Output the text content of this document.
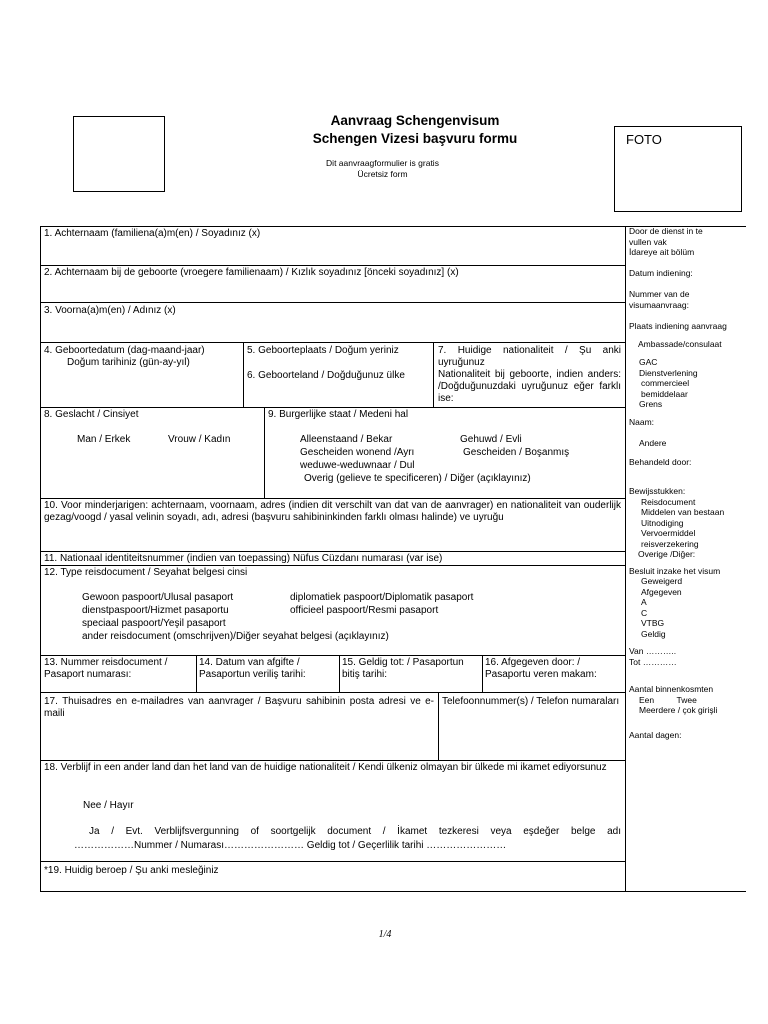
Aanvraag Schengenvisum
Schengen Vizesi başvuru formu
Dit aanvraagformulier is gratis
Ücretsiz form
FOTO
1. Achternaam (familiena(a)m(en) / Soyadınız (x)
2. Achternaam bij de geboorte (vroegere familienaam) / Kızlık soyadınız [önceki soyadınız] (x)
3. Voorna(a)m(en) / Adınız (x)
4. Geboortedatum (dag-maand-jaar)
Doğum tarihiniz (gün-ay-yıl)
5. Geboorteplaats / Doğum yeriniz
6. Geboorteland / Doğduğunuz ülke
7. Huidige nationaliteit / Şu anki uyruğunuz
Nationaliteit bij geboorte, indien anders: /Doğduğunuzdaki uyruğunuz eğer farklı ise:
8. Geslacht / Cinsiyet
Man / Erkek	Vrouw / Kadın
9. Burgerlijke staat / Medeni hal
Alleenstaand / Bekar	Gehuwd / Evli
Gescheiden wonend /Ayrı	Gescheiden / Boşanmış
weduwe-weduwnaar / Dul
Overig (gelieve te specificeren) / Diğer (açıklayınız)
10. Voor minderjarigen: achternaam, voornaam, adres (indien dit verschilt van dat van de aanvrager) en nationaliteit van ouderlijk gezag/voogd / yasal velinin soyadı, adı, adresi (başvuru sahibininkinden farklı olması halinde) ve uyruğu
11. Nationaal identiteitsnummer (indien van toepassing) Nüfus Cüzdanı numarası (var ise)
12. Type reisdocument / Seyahat belgesi cinsi
Gewoon paspoort/Ulusal pasaport	diplomatiek paspoort/Diplomatik pasaport
dienstpaspoort/Hizmet pasaportu	officieel paspoort/Resmi pasaport
speciaal paspoort/Yeşil pasaport
ander reisdocument (omschrijven)/Diğer seyahat belgesi (açıklayınız)
13. Nummer reisdocument / Pasaport numarası:
14. Datum van afgifte / Pasaportun veriliş tarihi:
15. Geldig tot: / Pasaportun bitiş tarihi:
16. Afgegeven door: / Pasaportu veren makam:
17. Thuisadres en e-mailadres van aanvrager / Başvuru sahibinin posta adresi ve e-maili
Telefoonnummer(s) / Telefon numaraları
18. Verblijf in een ander land dan het land van de huidige nationaliteit / Kendi ülkeniz olmayan bir ülkede mi ikamet ediyorsunuz
Nee / Hayır
Ja / Evt. Verblijfsvergunning of soortgelijk document / İkamet tezkeresi veya eşdeğer belge adı
………………Nummer / Numarası…………………… Geldig tot / Geçerlilik tarihi ……………………
*19. Huidig beroep / Şu anki mesleğiniz
Door de dienst in te
vullen vak
İdareye ait bölüm
Datum indiening:
Nummer van de
visumaanvraag:
Plaats indiening aanvraag
Ambassade/consulaat
GAC
Dienstverlening
commercieel
bemiddelaar
Grens
Naam:
Andere
Behandeld door:
Bewijsstukken:
Reisdocument
Middelen van bestaan
Uitnodiging
Vervoermiddel
reisverzekering
Overige /Diğer:
Besluit inzake het visum
Geweigerd
Afgegeven
A
C
VTBG
Geldig
Van ………..
Tot …………
Aantal binnenkosmten
Een	Twee
Meerdere / çok girişli
Aantal dagen:
1/4
